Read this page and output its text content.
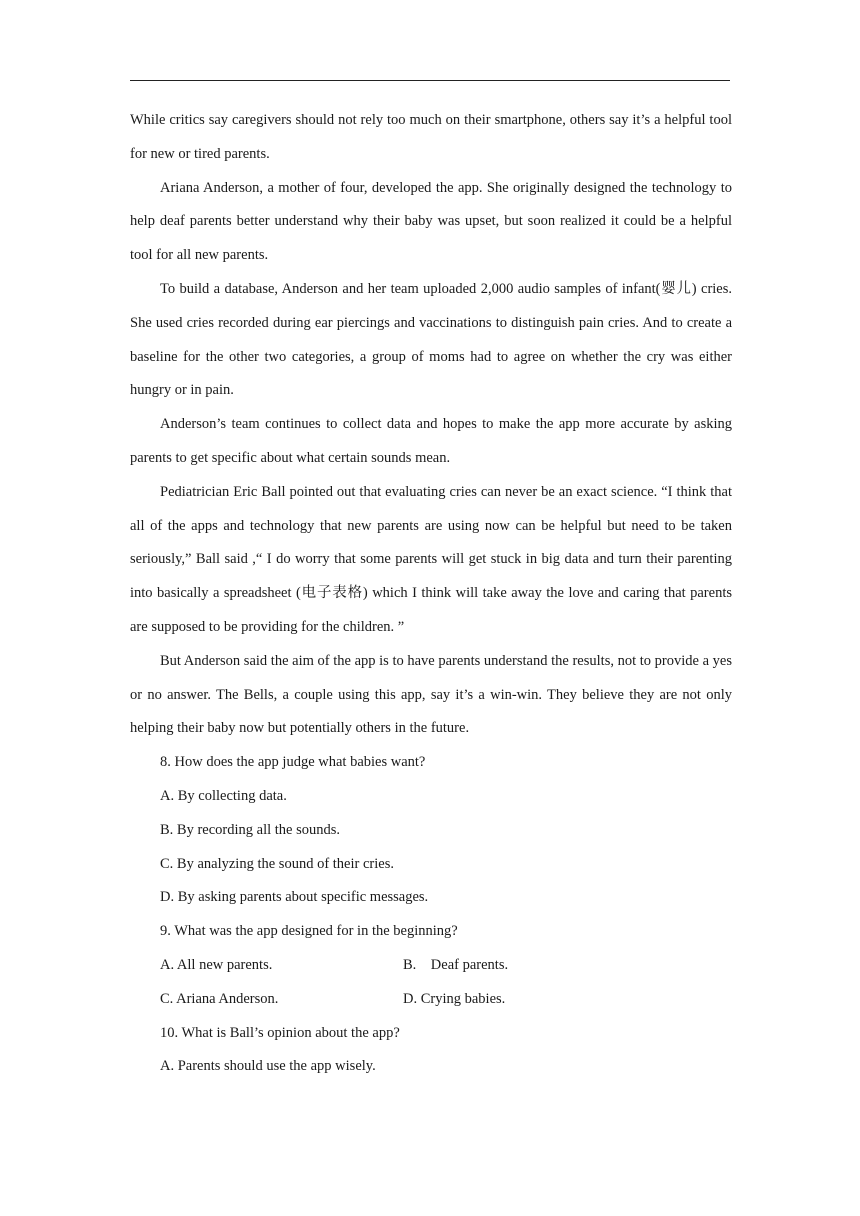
While critics say caregivers should not rely too much on their smartphone, others say it’s a helpful tool for new or tired parents.

Ariana Anderson, a mother of four, developed the app. She originally designed the technology to help deaf parents better understand why their baby was upset, but soon realized it could be a helpful tool for all new parents.

To build a database, Anderson and her team uploaded 2,000 audio samples of infant(婴儿) cries. She used cries recorded during ear piercings and vaccinations to distinguish pain cries. And to create a baseline for the other two categories, a group of moms had to agree on whether the cry was either hungry or in pain.

Anderson’s team continues to collect data and hopes to make the app more accurate by asking parents to get specific about what certain sounds mean.

Pediatrician Eric Ball pointed out that evaluating cries can never be an exact science. “I think that all of the apps and technology that new parents are using now can be helpful but need to be taken seriously,” Ball said ,“ I do worry that some parents will get stuck in big data and turn their parenting into basically a spreadsheet (电子表格) which I think will take away the love and caring that parents are supposed to be providing for the children. ”

But Anderson said the aim of the app is to have parents understand the results, not to provide a yes or no answer. The Bells, a couple using this app, say it’s a win-win. They believe they are not only helping their baby now but potentially others in the future.

8. How does the app judge what babies want?
A. By collecting data.
B. By recording all the sounds.
C. By analyzing the sound of their cries.
D. By asking parents about specific messages.
9. What was the app designed for in the beginning?
A. All new parents.	B.    Deaf parents.
C. Ariana Anderson.	D. Crying babies.
10. What is Ball’s opinion about the app?
A. Parents should use the app wisely.
